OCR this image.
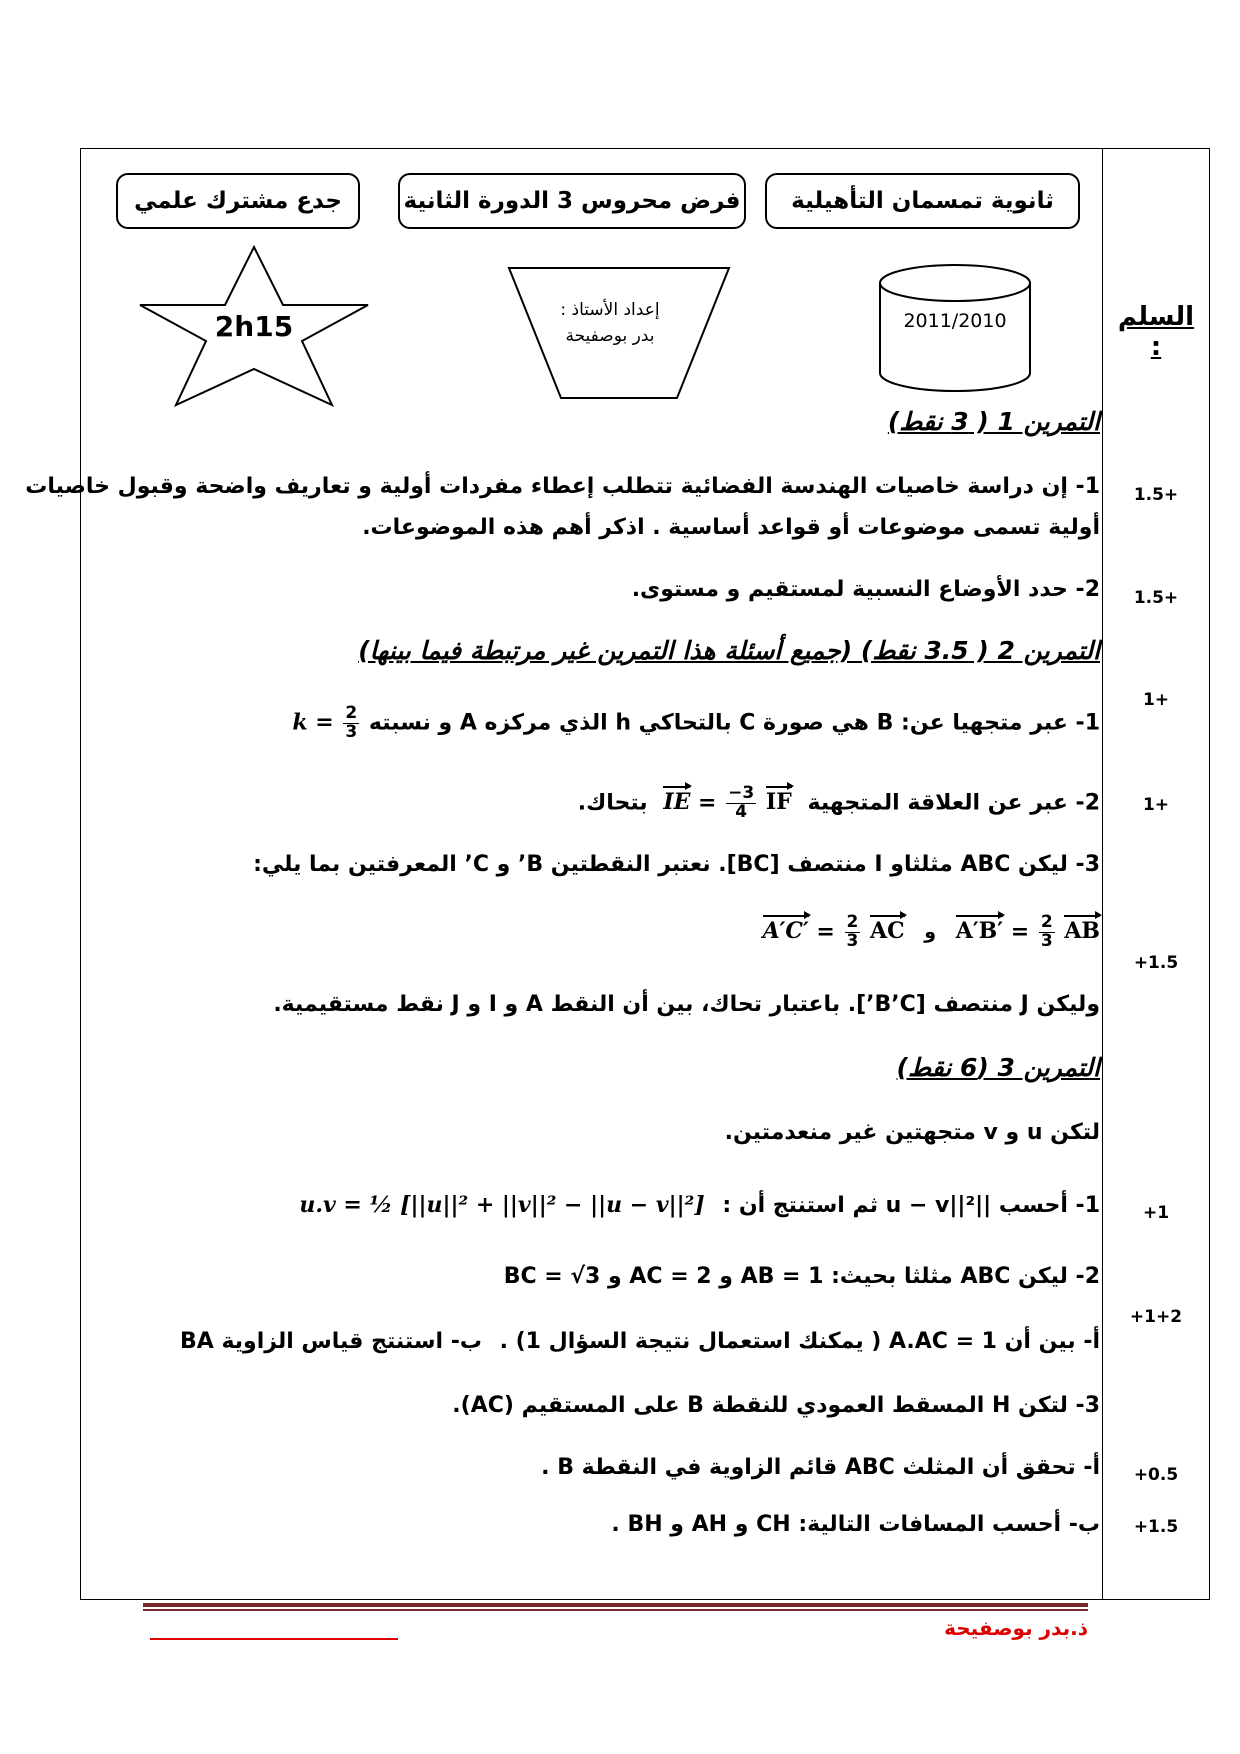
ثانوية تمسمان التأهيلية
فرض محروس 3 الدورة الثانية
جدع مشترك علمي
2011/2010
إعداد الأستاذ :
بدر بوصفيحة
2h15	السلم :
التمرين 1 ( 3 نقط)
1- إن دراسة خاصيات الهندسة الفضائية تتطلب إعطاء مفردات أولية و تعاريف واضحة وقبول خاصيات
أولية تسمى موضوعات أو قواعد أساسية . اذكر أهم هذه الموضوعات.
2- حدد الأوضاع النسبية لمستقيم و مستوى.
1.5+
1.5+
التمرين 2 ( 3.5 نقط) (جميع أسئلة هذا التمرين غير مرتبطة فيما بينها)
1- عبر متجهيا عن: B هي صورة C بالتحاكي h الذي مركزه A و نسبته $k = \frac{2}{3}$
2- عبر عن العلاقة المتجهية IE = $\frac{-3}{4}$ IF بتحاك.
3- ليكن ABC مثلثاو I منتصف [BC]. نعتبر النقطتين B’ و C’ المعرفتين بما يلي:
$A'B' = \frac{2}{3}$ AB و $A'C' = \frac{2}{3}$ AC
وليكن J منتصف [B’C’]. باعتبار تحاك، بين أن النقط A و I و J نقط مستقيمية.
1+
1+
+1.5
التمرين 3 (6 نقط)
لتكن u و v متجهتين غير منعدمتين.
1- أحسب ||u − v||² ثم استنتج أن : u.v = ½ [||u||² + ||v||² − ||u − v||²]
2- ليكن ABC مثلثا بحيث: AB = 1 و AC = 2 و BC = √3
أ- بين أن A.AC = 1 ( يمكنك استعمال نتيجة السؤال 1) .
ب- استنتج قياس الزاوية BA
3- لتكن H المسقط العمودي للنقطة B على المستقيم (AC).
أ- تحقق أن المثلث ABC قائم الزاوية في النقطة B .
ب- أحسب المسافات التالية: CH و AH و BH .
+1
+1+2
+0.5
+1.5
ذ.بدر بوصفيحة
